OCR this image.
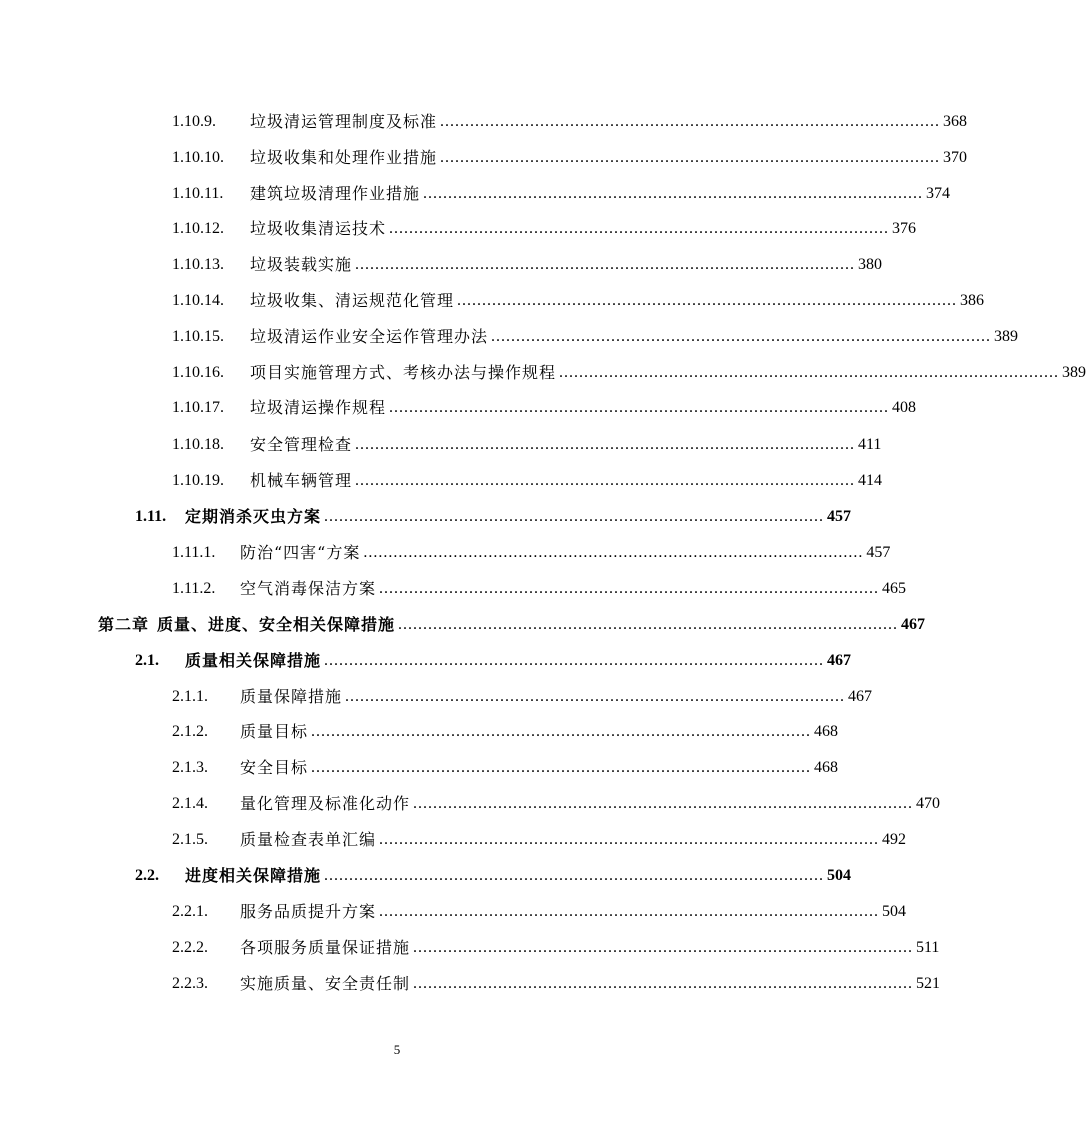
1.10.9.	垃圾清运管理制度及标准 .................................................................................................... 368
1.10.10.	垃圾收集和处理作业措施 .................................................................................................... 370
1.10.11.	建筑垃圾清理作业措施 .................................................................................................... 374
1.10.12.	垃圾收集清运技术 .................................................................................................... 376
1.10.13.	垃圾装载实施 .................................................................................................... 380
1.10.14.	垃圾收集、清运规范化管理 .................................................................................................... 386
1.10.15.	垃圾清运作业安全运作管理办法 .................................................................................................... 389
1.10.16.	项目实施管理方式、考核办法与操作规程 .................................................................................................... 389
1.10.17.	垃圾清运操作规程 .................................................................................................... 408
1.10.18.	安全管理检查 .................................................................................................... 411
1.10.19.	机械车辆管理 .................................................................................................... 414
1.11.	定期消杀灭虫方案 .................................................................................................... 457
1.11.1.	防治“四害“方案 .................................................................................................... 457
1.11.2.	空气消毒保洁方案 .................................................................................................... 465
第二章 质量、进度、安全相关保障措施 .................................................................................................... 467
2.1.	质量相关保障措施 .................................................................................................... 467
2.1.1.	质量保障措施 .................................................................................................... 467
2.1.2.	质量目标 .................................................................................................... 468
2.1.3.	安全目标 .................................................................................................... 468
2.1.4.	量化管理及标准化动作 .................................................................................................... 470
2.1.5.	质量检查表单汇编 .................................................................................................... 492
2.2.	进度相关保障措施 .................................................................................................... 504
2.2.1.	服务品质提升方案 .................................................................................................... 504
2.2.2.	各项服务质量保证措施 .................................................................................................... 511
2.2.3.	实施质量、安全责任制 .................................................................................................... 521
5
